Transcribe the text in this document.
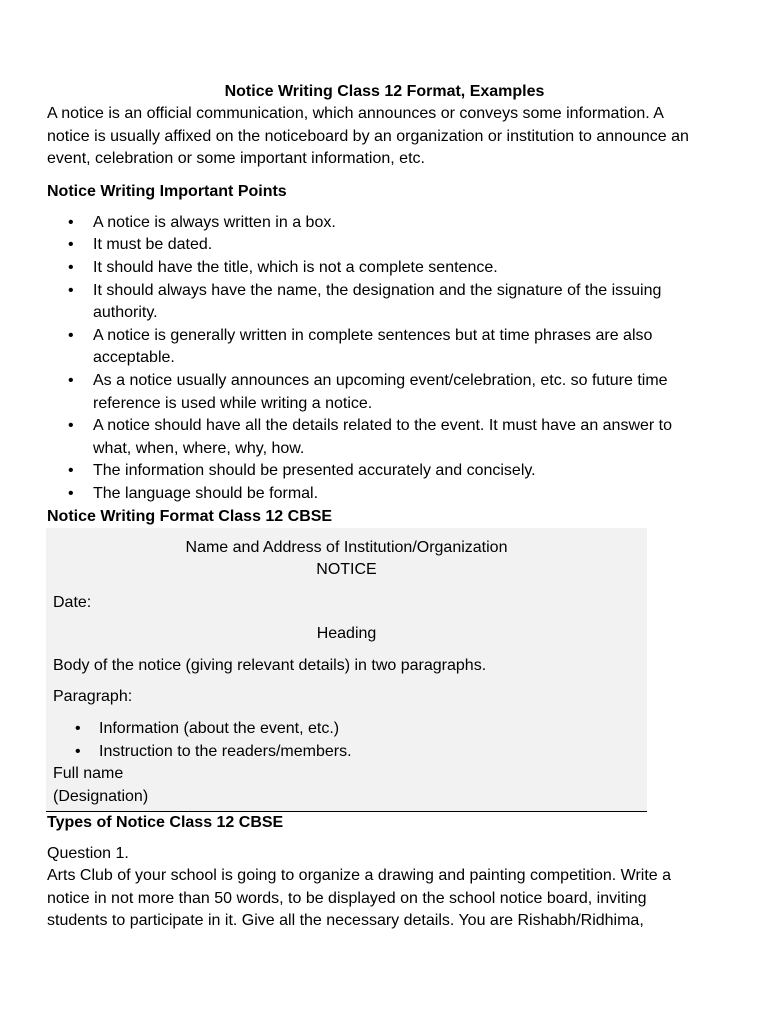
Notice Writing Class 12 Format, Examples

A notice is an official communication, which announces or conveys some information. A

notice is usually affixed on the noticeboard by an organization or institution to announce an

event, celebration or some important information, etc.

Notice Writing Important Points

• A notice is always written in a box.
• It must be dated.
• It should have the title, which is not a complete sentence.
• It should always have the name, the designation and the signature of the issuing
authority.
• A notice is generally written in complete sentences but at time phrases are also
acceptable.
• As a notice usually announces an upcoming event/celebration, etc. so future time
reference is used while writing a notice.
• A notice should have all the details related to the event. It must have an answer to
what, when, where, why, how.
• The information should be presented accurately and concisely.
• The language should be formal.

Notice Writing Format Class 12 CBSE

Name and Address of Institution/Organization
NOTICE
Date:
Heading
Body of the notice (giving relevant details) in two paragraphs.
Paragraph:
• Information (about the event, etc.)
• Instruction to the readers/members.
Full name
(Designation)

Types of Notice Class 12 CBSE

Question 1.

Arts Club of your school is going to organize a drawing and painting competition. Write a

notice in not more than 50 words, to be displayed on the school notice board, inviting

students to participate in it. Give all the necessary details. You are Rishabh/Ridhima,
